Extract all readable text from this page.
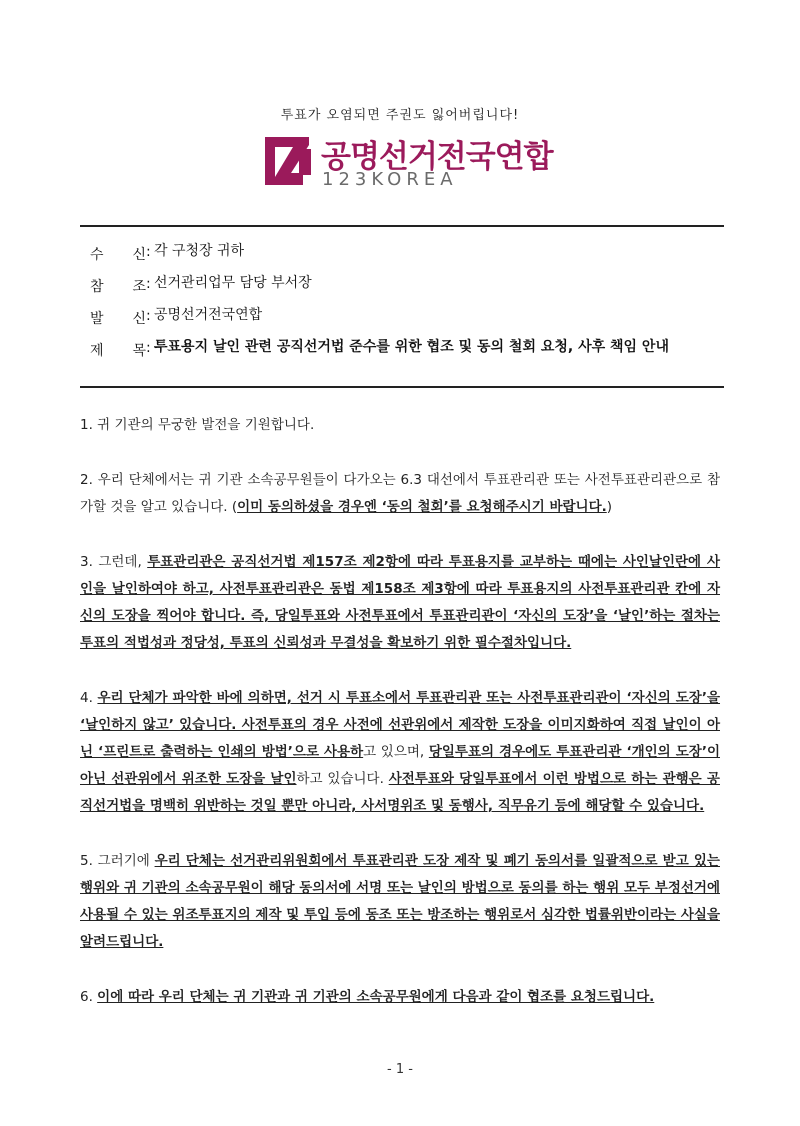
투표가 오염되면 주권도 잃어버립니다!
공명선거전국연합
123KOREA
수 신 : 각 구청장 귀하
참 조 : 선거관리업무 담당 부서장
발 신 : 공명선거전국연합
제 목 : 투표용지 날인 관련 공직선거법 준수를 위한 협조 및 동의 철회 요청, 사후 책임 안내

1. 귀 기관의 무궁한 발전을 기원합니다.

2. 우리 단체에서는 귀 기관 소속공무원들이 다가오는 6.3 대선에서 투표관리관 또는 사전투표관리관으로 참가할 것을 알고 있습니다. (이미 동의하셨을 경우엔 ‘동의 철회’를 요청해주시기 바랍니다.)

3. 그런데, 투표관리관은 공직선거법 제157조 제2항에 따라 투표용지를 교부하는 때에는 사인날인란에 사인을 날인하여야 하고, 사전투표관리관은 동법 제158조 제3항에 따라 투표용지의 사전투표관리관 칸에 자신의 도장을 찍어야 합니다. 즉, 당일투표와 사전투표에서 투표관리관이 ‘자신의 도장’을 ‘날인’하는 절차는 투표의 적법성과 정당성, 투표의 신뢰성과 무결성을 확보하기 위한 필수절차입니다.

4. 우리 단체가 파악한 바에 의하면, 선거 시 투표소에서 투표관리관 또는 사전투표관리관이 ‘자신의 도장’을 ‘날인하지 않고’ 있습니다. 사전투표의 경우 사전에 선관위에서 제작한 도장을 이미지화하여 직접 날인이 아닌 ‘프린트로 출력하는 인쇄의 방법’으로 사용하고 있으며, 당일투표의 경우에도 투표관리관 ‘개인의 도장’이 아닌 선관위에서 위조한 도장을 날인하고 있습니다. 사전투표와 당일투표에서 이런 방법으로 하는 관행은 공직선거법을 명백히 위반하는 것일 뿐만 아니라, 사서명위조 및 동행사, 직무유기 등에 해당할 수 있습니다.

5. 그러기에 우리 단체는 선거관리위원회에서 투표관리관 도장 제작 및 폐기 동의서를 일괄적으로 받고 있는 행위와 귀 기관의 소속공무원이 해당 동의서에 서명 또는 날인의 방법으로 동의를 하는 행위 모두 부정선거에 사용될 수 있는 위조투표지의 제작 및 투입 등에 동조 또는 방조하는 행위로서 심각한 법률위반이라는 사실을 알려드립니다.

6. 이에 따라 우리 단체는 귀 기관과 귀 기관의 소속공무원에게 다음과 같이 협조를 요청드립니다.

- 1 -
